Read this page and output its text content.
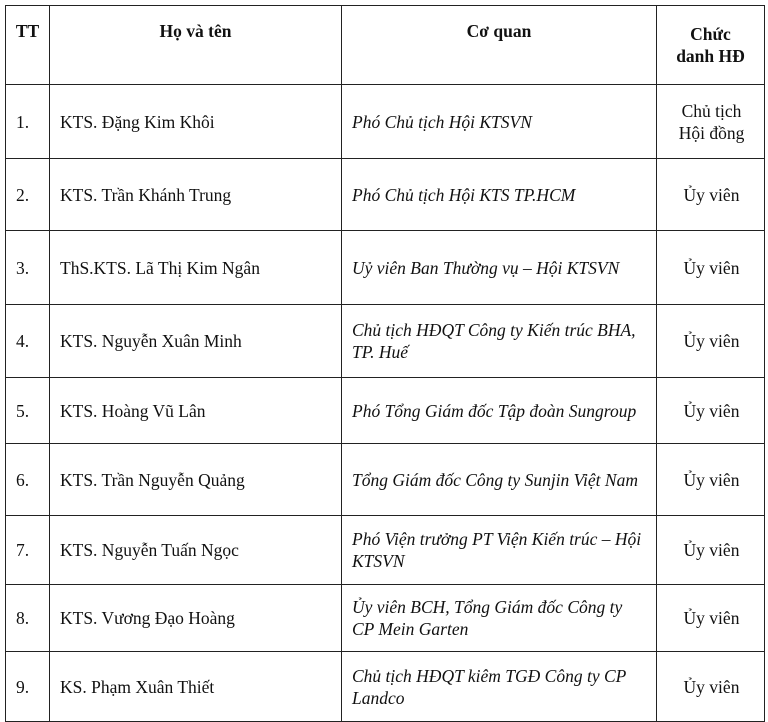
TT	Họ và tên	Cơ quan	Chức
danh HĐ

1.	KTS. Đặng Kim Khôi	Phó Chủ tịch Hội KTSVN	Chủ tịch
Hội đồng

2.	KTS. Trần Khánh Trung	Phó Chủ tịch Hội KTS TP.HCM	Ủy viên
3.	ThS.KTS. Lã Thị Kim Ngân	Uỷ viên Ban Thường vụ – Hội KTSVN	Ủy viên
4.	KTS. Nguyễn Xuân Minh	Chủ tịch HĐQT Công ty Kiến trúc BHA, TP. Huế	Ủy viên
5.	KTS. Hoàng Vũ Lân	Phó Tổng Giám đốc Tập đoàn Sungroup	Ủy viên
6.	KTS. Trần Nguyễn Quảng	Tổng Giám đốc Công ty Sunjin Việt Nam	Ủy viên
7.	KTS. Nguyễn Tuấn Ngọc	Phó Viện trưởng PT Viện Kiến trúc – Hội KTSVN	Ủy viên
8.	KTS. Vương Đạo Hoàng	Ủy viên BCH, Tổng Giám đốc Công ty CP Mein Garten	Ủy viên
9.	KS. Phạm Xuân Thiết	Chủ tịch HĐQT kiêm TGĐ Công ty CP Landco	Ủy viên
